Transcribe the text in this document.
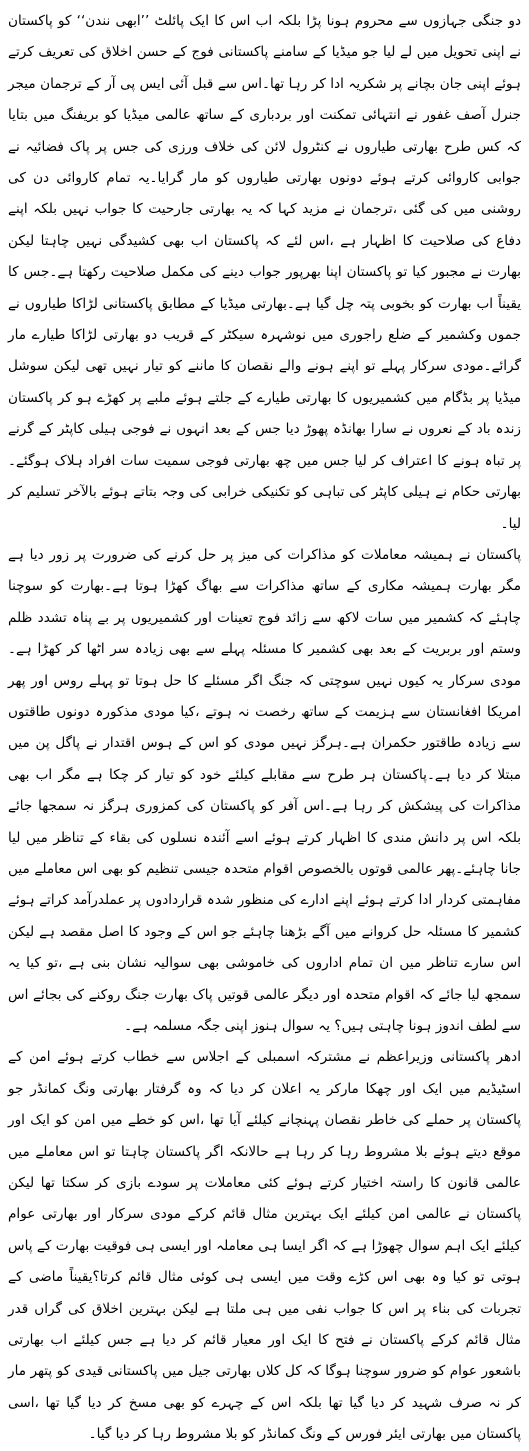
دو جنگی جہازوں سے محروم ہونا پڑا بلکہ اب اس کا ایک پائلٹ ’’ابھی نندن‘‘ کو پاکستان نے اپنی تحویل میں لے لیا جو میڈیا کے سامنے پاکستانی فوج کے حسن اخلاق کی تعریف کرتے ہوئے اپنی جان بچانے پر شکریہ ادا کر رہا تھا۔اس سے قبل آئی ایس پی آر کے ترجمان میجر جنرل آصف غفور نے انتہائی تمکنت اور بردباری کے ساتھ عالمی میڈیا کو بریفنگ میں بتایا کہ کس طرح بھارتی طیاروں نے کنٹرول لائن کی خلاف ورزی کی جس پر پاک فضائیہ نے جوابی کاروائی کرتے ہوئے دونوں بھارتی طیاروں کو مار گرایا۔یہ تمام کاروائی دن کی روشنی میں کی گئی ،ترجمان نے مزید کہا کہ یہ بھارتی جارحیت کا جواب نہیں بلکہ اپنے دفاع کی صلاحیت کا اظہار ہے ،اس لئے کہ پاکستان اب بھی کشیدگی نہیں چاہتا لیکن بھارت نے مجبور کیا تو پاکستان اپنا بھرپور جواب دینے کی مکمل صلاحیت رکھتا ہے۔جس کا یقیناً اب بھارت کو بخوبی پتہ چل گیا ہے۔بھارتی میڈیا کے مطابق پاکستانی لڑاکا طیاروں نے جموں وکشمیر کے ضلع راجوری میں نوشہرہ سیکٹر کے قریب دو بھارتی لڑاکا طیارے مار گرائے۔مودی سرکار پہلے تو اپنے ہونے والے نقصان کا ماننے کو تیار نہیں تھی لیکن سوشل میڈیا پر بڈگام میں کشمیریوں کا بھارتی طیارے کے جلتے ہوئے ملبے پر کھڑے ہو کر پاکستان زندہ باد کے نعروں نے سارا بھانڈہ پھوڑ دیا جس کے بعد انہوں نے فوجی ہیلی کاپٹر کے گرنے پر تباہ ہونے کا اعتراف کر لیا جس میں چھ بھارتی فوجی سمیت سات افراد ہلاک ہوگئے۔بھارتی حکام نے ہیلی کاپٹر کی تباہی کو تکنیکی خرابی کی وجہ بتاتے ہوئے بالآخر تسلیم کر لیا۔

پاکستان نے ہمیشہ معاملات کو مذاکرات کی میز پر حل کرنے کی ضرورت پر زور دیا ہے مگر بھارت ہمیشہ مکاری کے ساتھ مذاکرات سے بھاگ کھڑا ہوتا ہے۔بھارت کو سوچنا چاہئے کہ کشمیر میں سات لاکھ سے زائد فوج تعینات اور کشمیریوں پر بے پناہ تشدد ظلم وستم اور بربریت کے بعد بھی کشمیر کا مسئلہ پہلے سے بھی زیادہ سر اٹھا کر کھڑا ہے۔مودی سرکار یہ کیوں نہیں سوچتی کہ جنگ اگر مسئلے کا حل ہوتا تو پہلے روس اور پھر امریکا افغانستان سے ہزیمت کے ساتھ رخصت نہ ہوتے ،کیا مودی مذکورہ دونوں طاقتوں سے زیادہ طاقتور حکمران ہے۔ہرگز نہیں مودی کو اس کے ہوس اقتدار نے پاگل پن میں مبتلا کر دیا ہے۔پاکستان ہر طرح سے مقابلے کیلئے خود کو تیار کر چکا ہے مگر اب بھی مذاکرات کی پیشکش کر رہا ہے۔اس آفر کو پاکستان کی کمزوری ہرگز نہ سمجھا جائے بلکہ اس پر دانش مندی کا اظہار کرتے ہوئے اسے آئندہ نسلوں کی بقاء کے تناظر میں لیا جانا چاہئے۔پھر عالمی قوتوں بالخصوص اقوام متحدہ جیسی تنظیم کو بھی اس معاملے میں مفاہمتی کردار ادا کرتے ہوئے اپنے ادارے کی منظور شدہ قراردادوں پر عملدرآمد کراتے ہوئے کشمیر کا مسئلہ حل کروانے میں آگے بڑھنا چاہئے جو اس کے وجود کا اصل مقصد ہے لیکن اس سارے تناظر میں ان تمام اداروں کی خاموشی بھی سوالیہ نشان بنی ہے ،تو کیا یہ سمجھ لیا جائے کہ اقوام متحدہ اور دیگر عالمی قوتیں پاک بھارت جنگ روکنے کی بجائے اس سے لطف اندوز ہونا چاہتی ہیں؟ یہ سوال ہنوز اپنی جگہ مسلمہ ہے۔

ادھر پاکستانی وزیراعظم نے مشترکہ اسمبلی کے اجلاس سے خطاب کرتے ہوئے امن کے اسٹیڈیم میں ایک اور چھکا مارکر یہ اعلان کر دیا کہ وہ گرفتار بھارتی ونگ کمانڈر جو پاکستان پر حملے کی خاطر نقصان پہنچانے کیلئے آیا تھا ،اس کو خطے میں امن کو ایک اور موقع دیتے ہوئے بلا مشروط رہا کر رہا ہے حالانکہ اگر پاکستان چاہتا تو اس معاملے میں عالمی قانون کا راستہ اختیار کرتے ہوئے کئی معاملات پر سودے بازی کر سکتا تھا لیکن پاکستان نے عالمی امن کیلئے ایک بہترین مثال قائم کرکے مودی سرکار اور بھارتی عوام کیلئے ایک اہم سوال چھوڑا ہے کہ اگر ایسا ہی معاملہ اور ایسی ہی فوقیت بھارت کے پاس ہوتی تو کیا وہ بھی اس کڑے وقت میں ایسی ہی کوئی مثال قائم کرتا؟یقیناً ماضی کے تجربات کی بناء پر اس کا جواب نفی میں ہی ملتا ہے لیکن بہترین اخلاق کی گراں قدر مثال قائم کرکے پاکستان نے فتح کا ایک اور معیار قائم کر دیا ہے جس کیلئے اب بھارتی باشعور عوام کو ضرور سوچنا ہوگا کہ کل کلاں بھارتی جیل میں پاکستانی قیدی کو پتھر مار کر نہ صرف شہید کر دیا گیا تھا بلکہ اس کے چہرے کو بھی مسخ کر دیا گیا تھا ،اسی پاکستان میں بھارتی ایئر فورس کے ونگ کمانڈر کو بلا مشروط رہا کر دیا گیا۔
